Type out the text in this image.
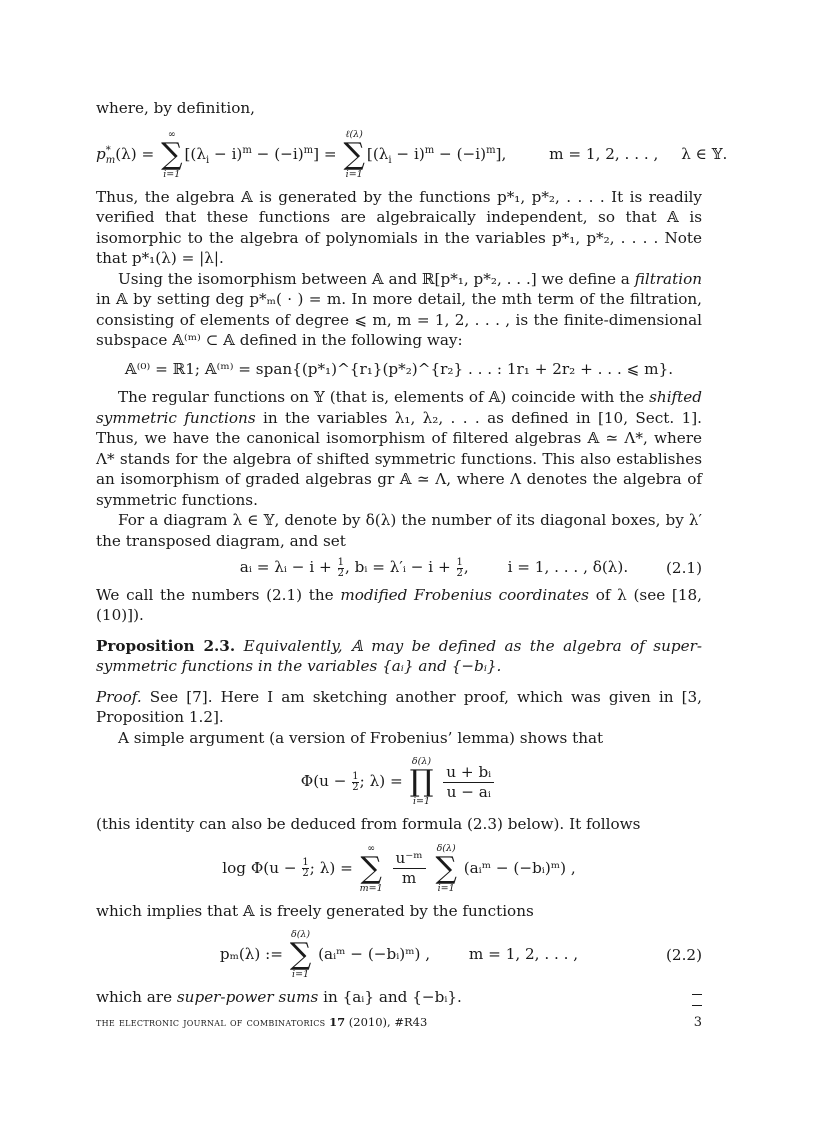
where, by definition,

$p^*_m(\lambda)$ =
∞
∑
i=1
$[(\lambda_i - i)^m - (-i)^m]$ =
ℓ(λ)
∑
i=1
$[(\lambda_i - i)^m - (-i)^m]$,	m = 1, 2, . . . , λ ∈ 𝕐.

Thus, the algebra 𝔸 is generated by the functions p*₁, p*₂, . . . . It is readily verified that these functions are algebraically independent, so that 𝔸 is isomorphic to the algebra of polynomials in the variables p*₁, p*₂, . . . . Note that p*₁(λ) = |λ|.

Using the isomorphism between 𝔸 and ℝ[p*₁, p*₂, . . .] we define a filtration in 𝔸 by setting deg p*ₘ( · ) = m. In more detail, the mth term of the filtration, consisting of elements of degree ⩽ m, m = 1, 2, . . . , is the finite-dimensional subspace 𝔸⁽ᵐ⁾ ⊂ 𝔸 defined in the following way:

𝔸⁽⁰⁾ = ℝ1; 𝔸⁽ᵐ⁾ = span{(p*₁)^{r₁}(p*₂)^{r₂} . . . : 1r₁ + 2r₂ + . . . ⩽ m}.

The regular functions on 𝕐 (that is, elements of 𝔸) coincide with the shifted symmetric functions in the variables λ₁, λ₂, . . . as defined in [10, Sect. 1]. Thus, we have the canonical isomorphism of filtered algebras 𝔸 ≃ Λ*, where Λ* stands for the algebra of shifted symmetric functions. This also establishes an isomorphism of graded algebras gr 𝔸 ≃ Λ, where Λ denotes the algebra of symmetric functions.

For a diagram λ ∈ 𝕐, denote by δ(λ) the number of its diagonal boxes, by λ′ the transposed diagram, and set

aᵢ = λᵢ − $i + \frac{1}{2}$ , bᵢ = λ′ᵢ − $i + \frac{1}{2}$ ,	i = 1, . . . , δ(λ). (2.1)

We call the numbers (2.1) the modified Frobenius coordinates of λ (see [18, (10)]).

Proposition 2.3. Equivalently, 𝔸 may be defined as the algebra of super-symmetric functions in the variables {aᵢ} and {−bᵢ}.

Proof. See [7]. Here I am sketching another proof, which was given in [3, Proposition 1.2].

A simple argument (a version of Frobenius’ lemma) shows that

$\Phi(u - \frac{1}{2}$ ; λ) =
δ(λ)
∏
i=1
$\frac{\text{u + bᵢ}}{\text{u − aᵢ}}$

(this identity can also be deduced from formula (2.3) below). It follows

$\log \Phi(u - \frac{1}{2}$ ; λ) =
∞
∑
m=1
$\frac{\text{u⁻ᵐ}}{m}$

δ(λ)
∑
i=1
(aᵢᵐ − (−bᵢ)ᵐ) ,

which implies that 𝔸 is freely generated by the functions

pₘ(λ) :=
δ(λ)
∑
i=1
(aᵢᵐ − (−bᵢ)ᵐ) ,	m = 1, 2, . . . ,	(2.2)

which are super-power sums in {aᵢ} and {−bᵢ}.

the electronic journal of combinatorics 17 (2010), #R43	3
